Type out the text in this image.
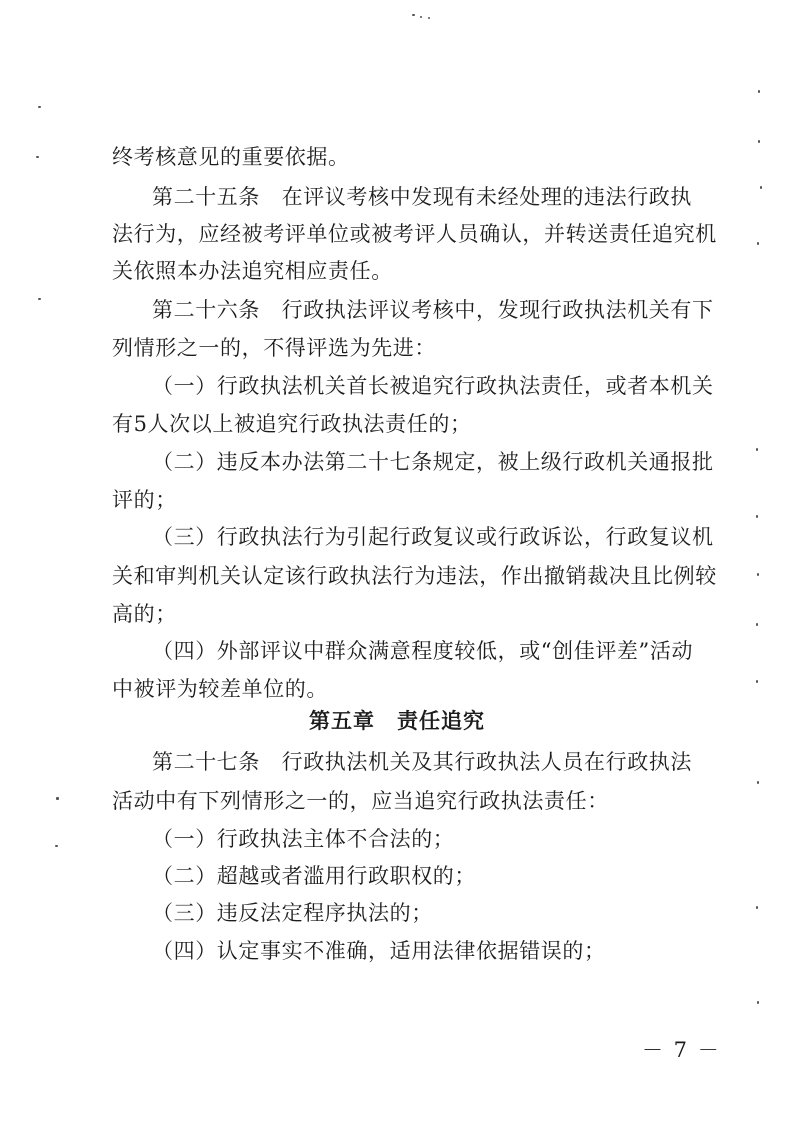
终考核意见的重要依据。
第二十五条　在评议考核中发现有未经处理的违法行政执
法行为，应经被考评单位或被考评人员确认，并转送责任追究机
关依照本办法追究相应责任。
第二十六条　行政执法评议考核中，发现行政执法机关有下
列情形之一的，不得评选为先进：
（一）行政执法机关首长被追究行政执法责任，或者本机关
有5人次以上被追究行政执法责任的；
（二）违反本办法第二十七条规定，被上级行政机关通报批
评的；
（三）行政执法行为引起行政复议或行政诉讼，行政复议机
关和审判机关认定该行政执法行为违法，作出撤销裁决且比例较
高的；
（四）外部评议中群众满意程度较低，或“创佳评差”活动
中被评为较差单位的。
第五章　责任追究
第二十七条　行政执法机关及其行政执法人员在行政执法
活动中有下列情形之一的，应当追究行政执法责任：
（一）行政执法主体不合法的；
（二）超越或者滥用行政职权的；
（三）违反法定程序执法的；
（四）认定事实不准确，适用法律依据错误的；
－ 7 －
